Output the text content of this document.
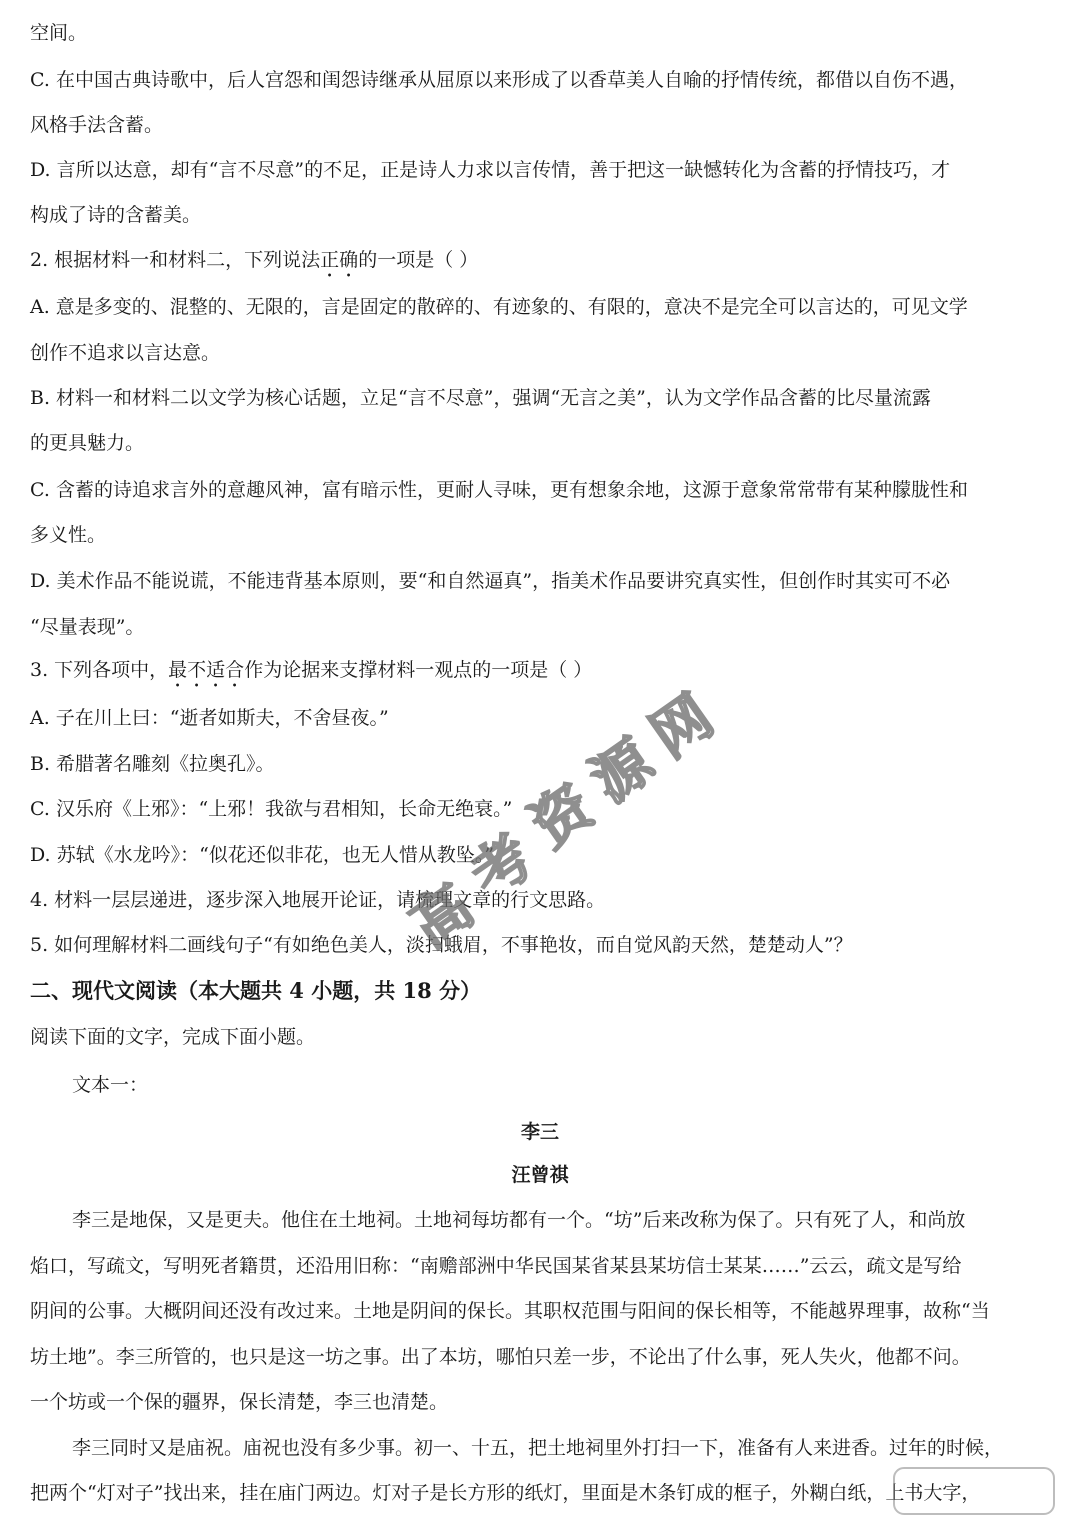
空间。
C. 在中国古典诗歌中，后人宫怨和闺怨诗继承从屈原以来形成了以香草美人自喻的抒情传统，都借以自伤不遇，
风格手法含蓄。
D. 言所以达意，却有“言不尽意”的不足，正是诗人力求以言传情，善于把这一缺憾转化为含蓄的抒情技巧，才
构成了诗的含蓄美。
2. 根据材料一和材料二，下列说法正确的一项是（ ）
A. 意是多变的、混整的、无限的，言是固定的散碎的、有迹象的、有限的，意决不是完全可以言达的，可见文学
创作不追求以言达意。
B. 材料一和材料二以文学为核心话题，立足“言不尽意”，强调“无言之美”，认为文学作品含蓄的比尽量流露
的更具魅力。
C. 含蓄的诗追求言外的意趣风神，富有暗示性，更耐人寻味，更有想象余地，这源于意象常常带有某种朦胧性和
多义性。
D. 美术作品不能说谎，不能违背基本原则，要“和自然逼真”，指美术作品要讲究真实性，但创作时其实可不必
“尽量表现”。
3. 下列各项中，最不适合作为论据来支撑材料一观点的一项是（ ）
A. 子在川上曰：“逝者如斯夫，不舍昼夜。”
B. 希腊著名雕刻《拉奥孔》。
C. 汉乐府《上邪》：“上邪！我欲与君相知，长命无绝衰。”
D. 苏轼《水龙吟》：“似花还似非花，也无人惜从教坠。”
4. 材料一层层递进，逐步深入地展开论证，请梳理文章的行文思路。
5. 如何理解材料二画线句子“有如绝色美人，淡扫蛾眉，不事艳妆，而自觉风韵天然，楚楚动人”？
二、现代文阅读（本大题共 4 小题，共 18 分）
阅读下面的文字，完成下面小题。
文本一：
李三
汪曾祺
李三是地保，又是更夫。他住在土地祠。土地祠每坊都有一个。“坊”后来改称为保了。只有死了人，和尚放
焰口，写疏文，写明死者籍贯，还沿用旧称：“南赡部洲中华民国某省某县某坊信士某某……”云云，疏文是写给
阴间的公事。大概阴间还没有改过来。土地是阴间的保长。其职权范围与阳间的保长相等，不能越界理事，故称“当
坊土地”。李三所管的，也只是这一坊之事。出了本坊，哪怕只差一步，不论出了什么事，死人失火，他都不问。
一个坊或一个保的疆界，保长清楚，李三也清楚。
李三同时又是庙祝。庙祝也没有多少事。初一、十五，把土地祠里外打扫一下，准备有人来进香。过年的时候，
把两个“灯对子”找出来，挂在庙门两边。灯对子是长方形的纸灯，里面是木条钉成的框子，外糊白纸，上书大字，
高
考
资
源
网
